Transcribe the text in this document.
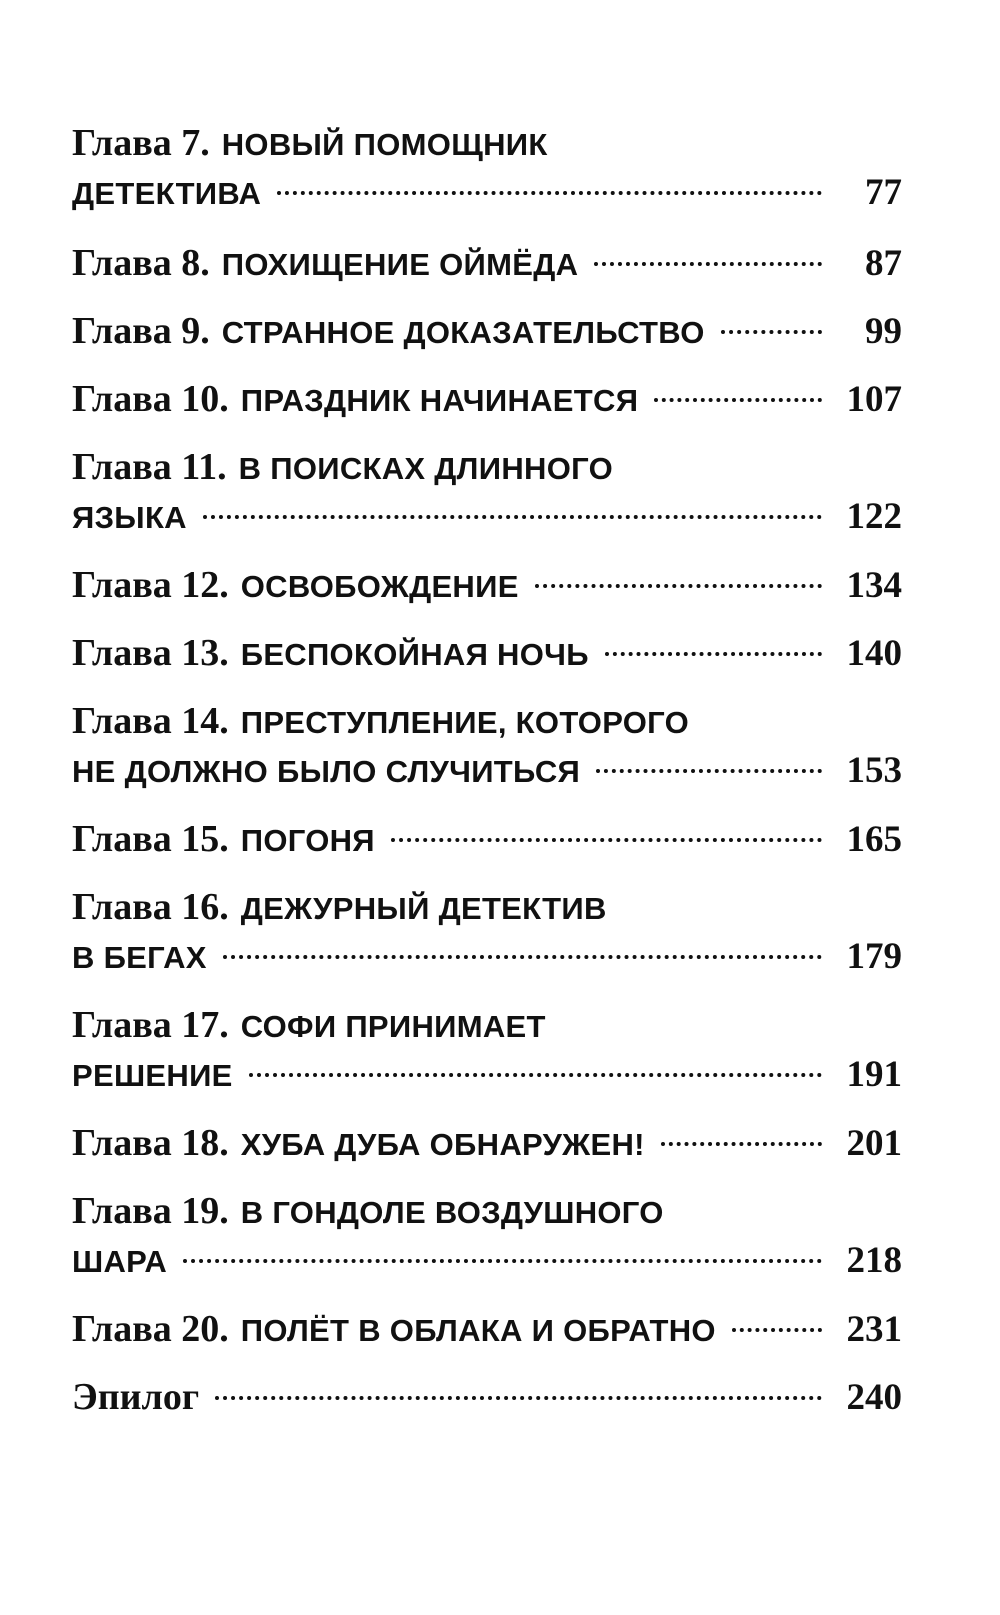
Глава 7. НОВЫЙ ПОМОЩНИК
ДЕТЕКТИВА	77
Глава 8. ПОХИЩЕНИЕ ОЙМЁДА	87
Глава 9. СТРАННОЕ ДОКАЗАТЕЛЬСТВО	99
Глава 10. ПРАЗДНИК НАЧИНАЕТСЯ	107
Глава 11. В ПОИСКАХ ДЛИННОГО
ЯЗЫКА	122
Глава 12. ОСВОБОЖДЕНИЕ	134
Глава 13. БЕСПОКОЙНАЯ НОЧЬ	140
Глава 14. ПРЕСТУПЛЕНИЕ, КОТОРОГО
НЕ ДОЛЖНО БЫЛО СЛУЧИТЬСЯ	153
Глава 15. ПОГОНЯ	165
Глава 16. ДЕЖУРНЫЙ ДЕТЕКТИВ
В БЕГАХ	179
Глава 17. СОФИ ПРИНИМАЕТ
РЕШЕНИЕ	191
Глава 18. ХУБА ДУБА ОБНАРУЖЕН!	201
Глава 19. В ГОНДОЛЕ ВОЗДУШНОГО
ШАРА	218
Глава 20. ПОЛЁТ В ОБЛАКА И ОБРАТНО	231
Эпилог	240
